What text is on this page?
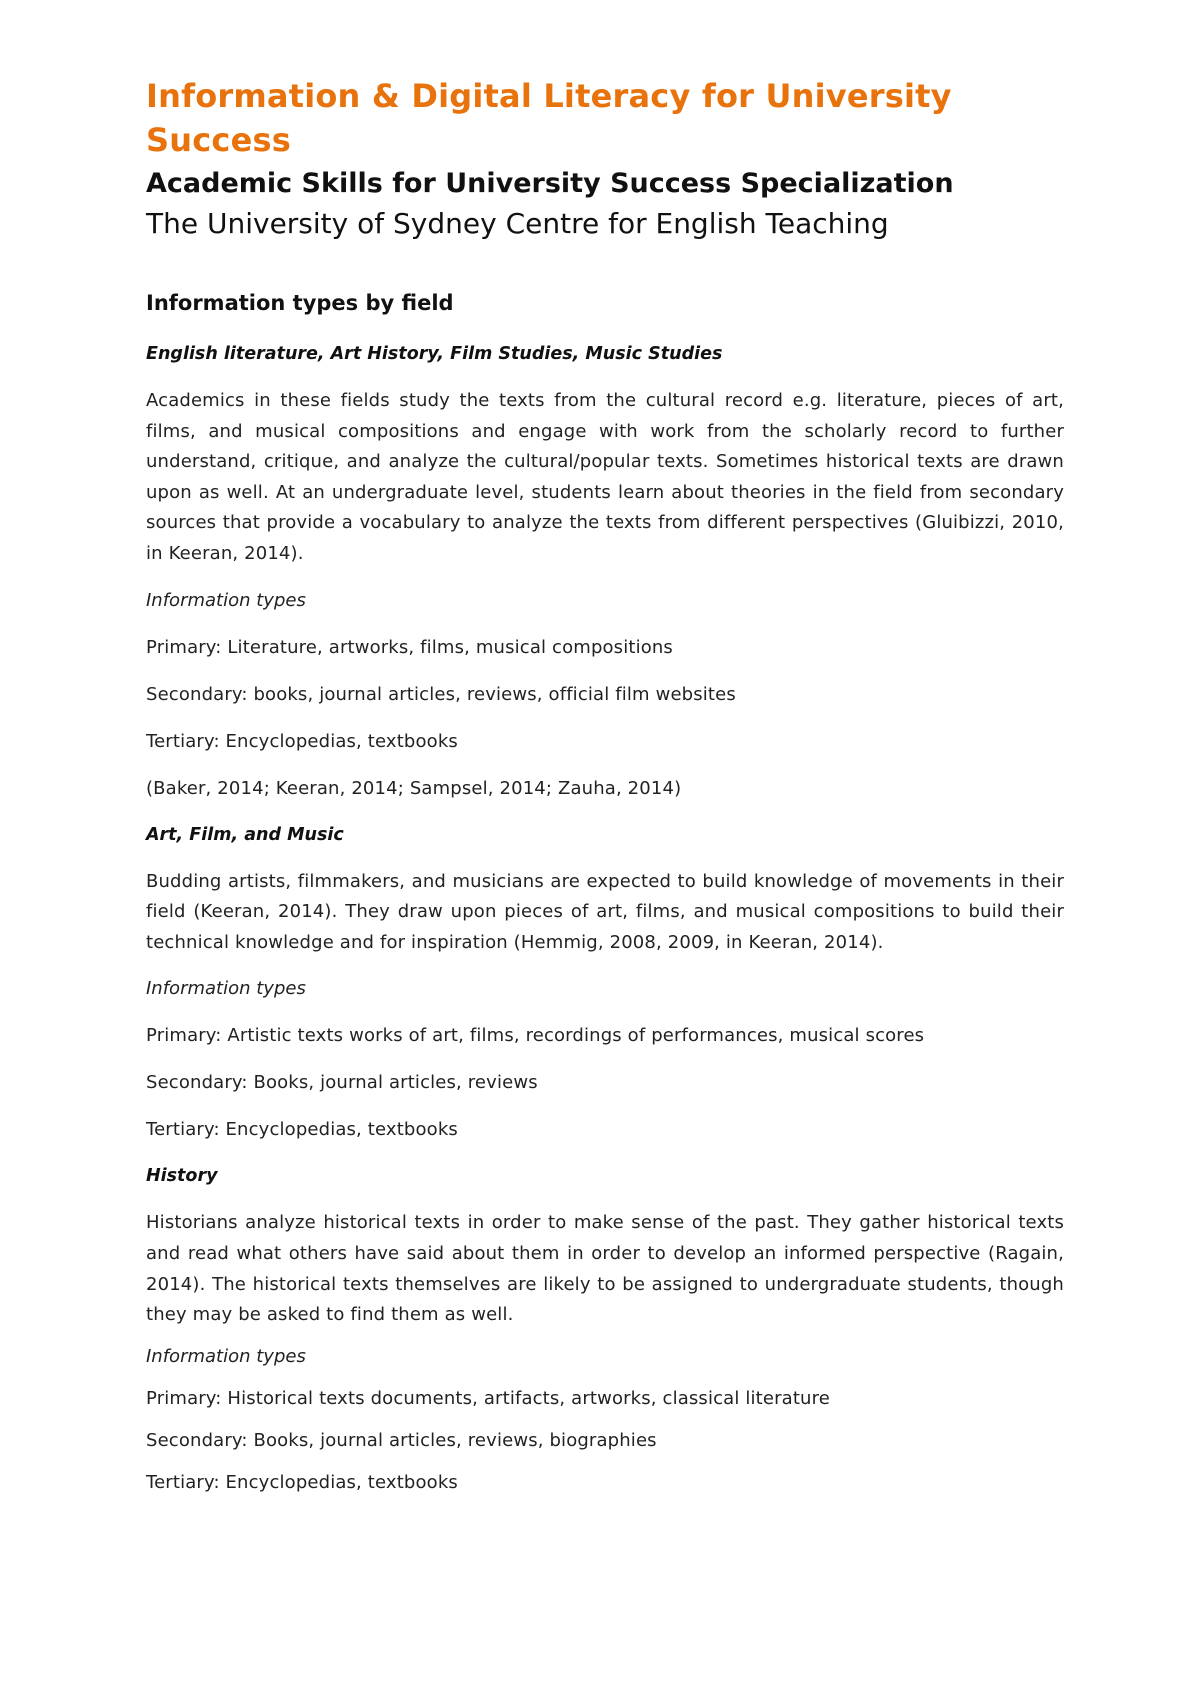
Information & Digital Literacy for University Success
Academic Skills for University Success Specialization

The University of Sydney Centre for English Teaching

Information types by field
English literature, Art History, Film Studies, Music Studies

Academics in these fields study the texts from the cultural record e.g. literature, pieces of art, films, and musical compositions and engage with work from the scholarly record to further understand, critique, and analyze the cultural/popular texts. Sometimes historical texts are drawn upon as well. At an undergraduate level, students learn about theories in the field from secondary sources that provide a vocabulary to analyze the texts from different perspectives (Gluibizzi, 2010, in Keeran, 2014).

Information types

Primary: Literature, artworks, films, musical compositions

Secondary: books, journal articles, reviews, official film websites

Tertiary: Encyclopedias, textbooks

(Baker, 2014; Keeran, 2014; Sampsel, 2014; Zauha, 2014)

Art, Film, and Music

Budding artists, filmmakers, and musicians are expected to build knowledge of movements in their field (Keeran, 2014). They draw upon pieces of art, films, and musical compositions to build their technical knowledge and for inspiration (Hemmig, 2008, 2009, in Keeran, 2014).

Information types

Primary: Artistic texts works of art, films, recordings of performances, musical scores

Secondary: Books, journal articles, reviews

Tertiary: Encyclopedias, textbooks

History

Historians analyze historical texts in order to make sense of the past. They gather historical texts and read what others have said about them in order to develop an informed perspective (Ragain, 2014). The historical texts themselves are likely to be assigned to undergraduate students, though they may be asked to find them as well.

Information types

Primary: Historical texts documents, artifacts, artworks, classical literature

Secondary: Books, journal articles, reviews, biographies

Tertiary: Encyclopedias, textbooks
